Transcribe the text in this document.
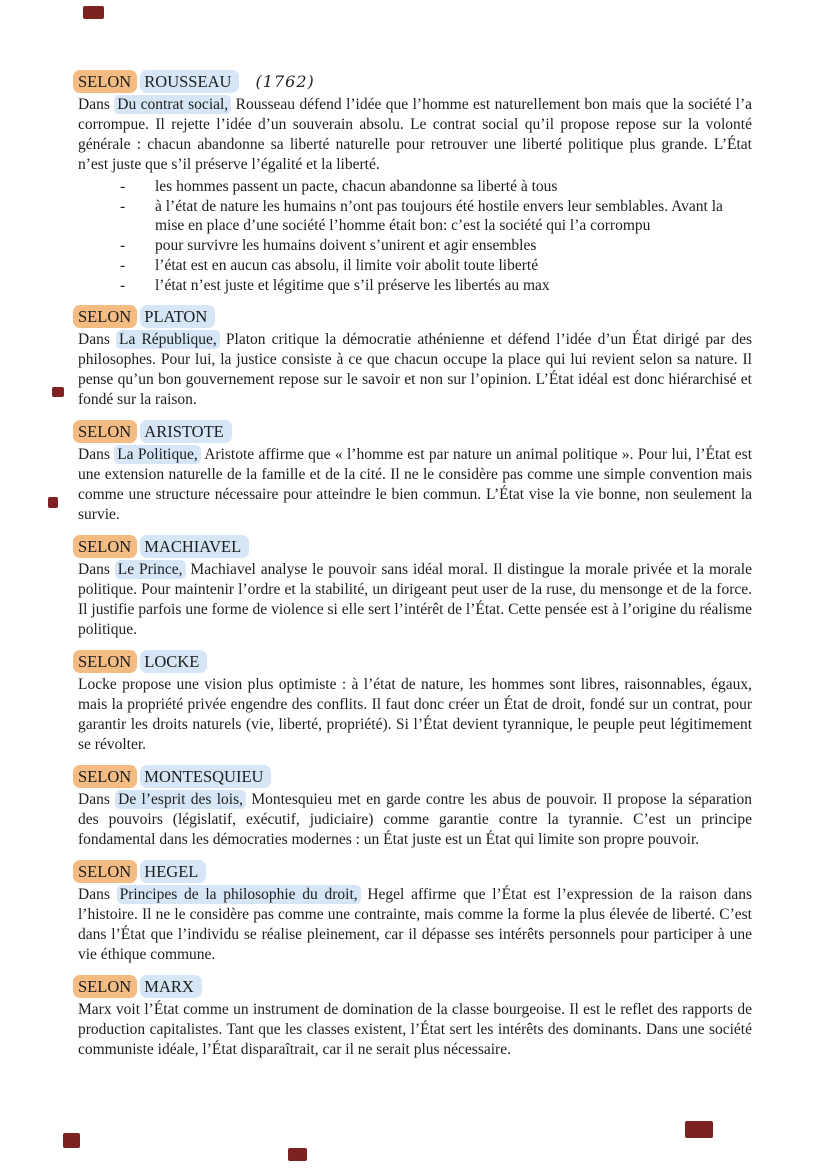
SELON ROUSSEAU (1762)

Dans Du contrat social, Rousseau défend l’idée que l’homme est naturellement bon mais que la société l’a corrompue. Il rejette l’idée d’un souverain absolu. Le contrat social qu’il propose repose sur la volonté générale : chacun abandonne sa liberté naturelle pour retrouver une liberté politique plus grande. L’État n’est juste que s’il préserve l’égalité et la liberté.

- les hommes passent un pacte, chacun abandonne sa liberté à tous
- à l’état de nature les humains n’ont pas toujours été hostile envers leur semblables. Avant la mise en place d’une société l’homme était bon: c’est la société qui l’a corrompu
- pour survivre les humains doivent s’unirent et agir ensembles
- l’état est en aucun cas absolu, il limite voir abolit toute liberté
- l’état n’est juste et légitime que s’il préserve les libertés au max
SELON PLATON

Dans La République, Platon critique la démocratie athénienne et défend l’idée d’un État dirigé par des philosophes. Pour lui, la justice consiste à ce que chacun occupe la place qui lui revient selon sa nature. Il pense qu’un bon gouvernement repose sur le savoir et non sur l’opinion. L’État idéal est donc hiérarchisé et fondé sur la raison.

SELON ARISTOTE

Dans La Politique, Aristote affirme que « l’homme est par nature un animal politique ». Pour lui, l’État est une extension naturelle de la famille et de la cité. Il ne le considère pas comme une simple convention mais comme une structure nécessaire pour atteindre le bien commun. L’État vise la vie bonne, non seulement la survie.

SELON MACHIAVEL

Dans Le Prince, Machiavel analyse le pouvoir sans idéal moral. Il distingue la morale privée et la morale politique. Pour maintenir l’ordre et la stabilité, un dirigeant peut user de la ruse, du mensonge et de la force. Il justifie parfois une forme de violence si elle sert l’intérêt de l’État. Cette pensée est à l’origine du réalisme politique.

SELON LOCKE

Locke propose une vision plus optimiste : à l’état de nature, les hommes sont libres, raisonnables, égaux, mais la propriété privée engendre des conflits. Il faut donc créer un État de droit, fondé sur un contrat, pour garantir les droits naturels (vie, liberté, propriété). Si l’État devient tyrannique, le peuple peut légitimement se révolter.

SELON MONTESQUIEU

Dans De l’esprit des lois, Montesquieu met en garde contre les abus de pouvoir. Il propose la séparation des pouvoirs (législatif, exécutif, judiciaire) comme garantie contre la tyrannie. C’est un principe fondamental dans les démocraties modernes : un État juste est un État qui limite son propre pouvoir.

SELON HEGEL

Dans Principes de la philosophie du droit, Hegel affirme que l’État est l’expression de la raison dans l’histoire. Il ne le considère pas comme une contrainte, mais comme la forme la plus élevée de liberté. C’est dans l’État que l’individu se réalise pleinement, car il dépasse ses intérêts personnels pour participer à une vie éthique commune.

SELON MARX

Marx voit l’État comme un instrument de domination de la classe bourgeoise. Il est le reflet des rapports de production capitalistes. Tant que les classes existent, l’État sert les intérêts des dominants. Dans une société communiste idéale, l’État disparaîtrait, car il ne serait plus nécessaire.
